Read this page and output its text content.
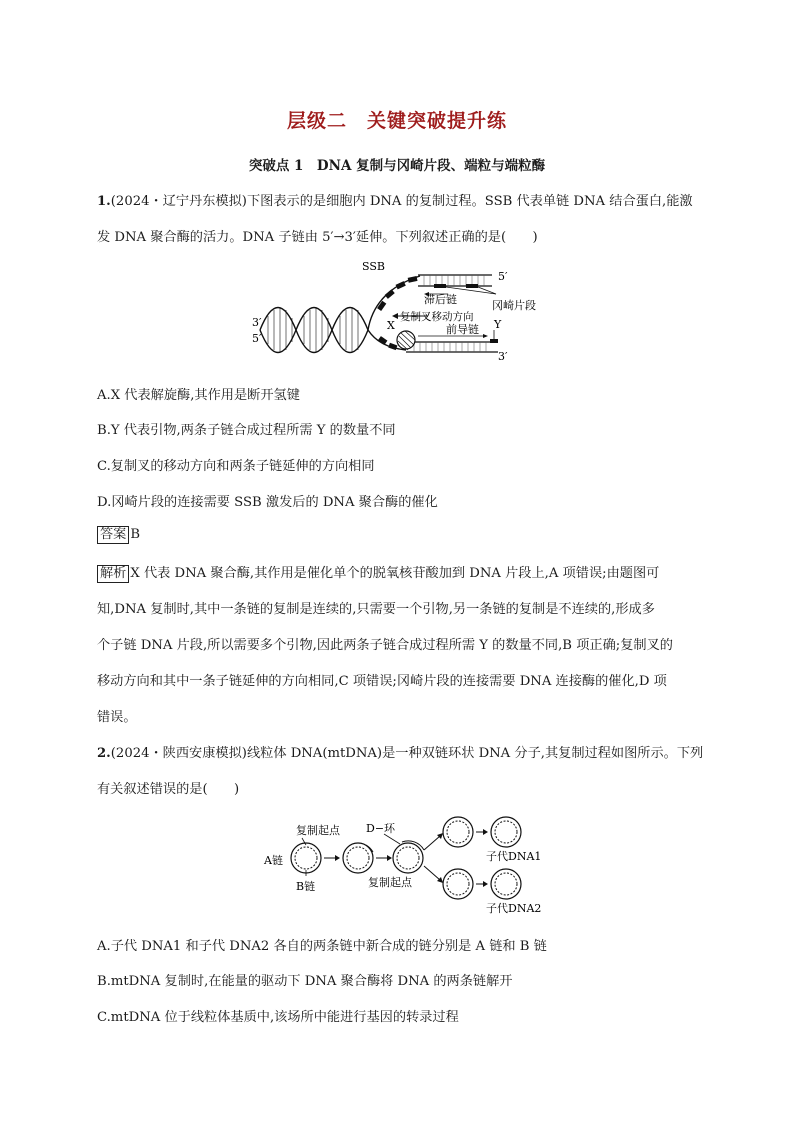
层级二　关键突破提升练
突破点 1　DNA 复制与冈崎片段、端粒与端粒酶
1.(2024・辽宁丹东模拟)下图表示的是细胞内 DNA 的复制过程。SSB 代表单链 DNA 结合蛋白,能激
发 DNA 聚合酶的活力。DNA 子链由 5′→3′延伸。下列叙述正确的是(　　)
SSB
5′
滞后链	冈崎片段
3′
5′
X
复制叉移动方向
Y
前导链
3′
A.X 代表解旋酶,其作用是断开氢键
B.Y 代表引物,两条子链合成过程所需 Y 的数量不同
C.复制叉的移动方向和两条子链延伸的方向相同
D.冈崎片段的连接需要 SSB 激发后的 DNA 聚合酶的催化
答案 B
解析 X 代表 DNA 聚合酶,其作用是催化单个的脱氧核苷酸加到 DNA 片段上,A 项错误;由题图可
知,DNA 复制时,其中一条链的复制是连续的,只需要一个引物,另一条链的复制是不连续的,形成多
个子链 DNA 片段,所以需要多个引物,因此两条子链合成过程所需 Y 的数量不同,B 项正确;复制叉的
移动方向和其中一条子链延伸的方向相同,C 项错误;冈崎片段的连接需要 DNA 连接酶的催化,D 项
错误。
2.(2024・陕西安康模拟)线粒体 DNA(mtDNA)是一种双链环状 DNA 分子,其复制过程如图所示。下列
有关叙述错误的是(　　)
复制起点 D−环
A链
B链	复制起点
子代DNA1
子代DNA2
A.子代 DNA1 和子代 DNA2 各自的两条链中新合成的链分别是 A 链和 B 链
B.mtDNA 复制时,在能量的驱动下 DNA 聚合酶将 DNA 的两条链解开
C.mtDNA 位于线粒体基质中,该场所中能进行基因的转录过程
